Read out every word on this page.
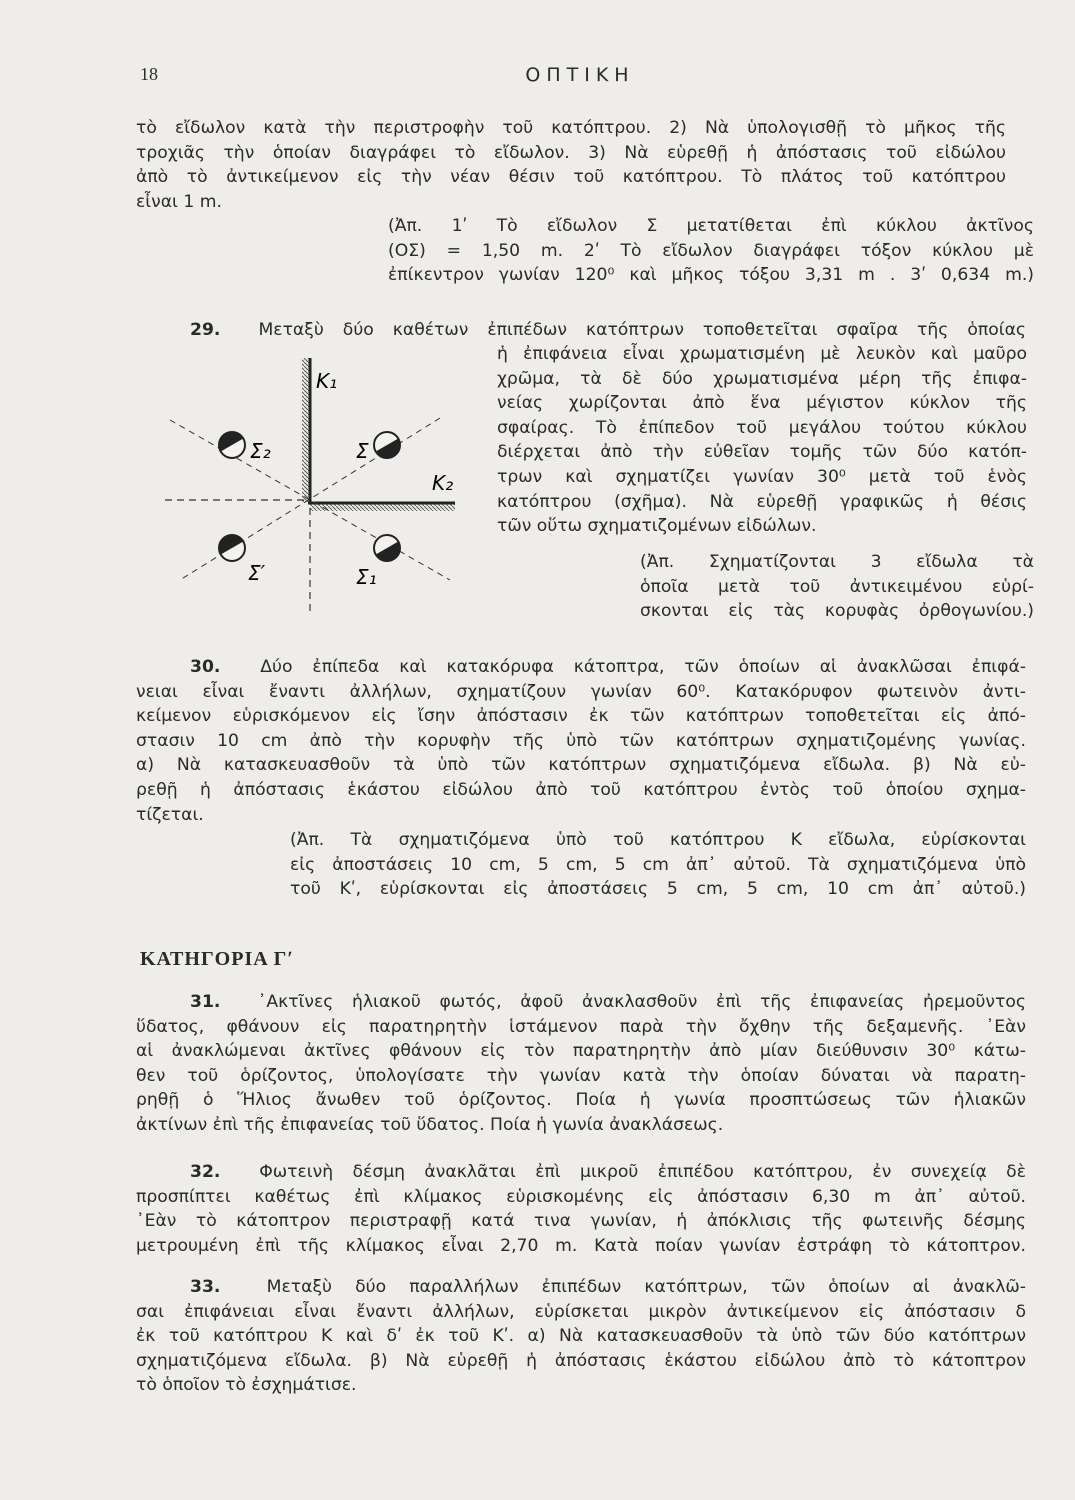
18	ΟΠΤΙΚΗ
τὸ εἴδωλον κατὰ τὴν περιστροφὴν τοῦ κατόπτρου. 2) Νὰ ὑπολογισθῇ τὸ μῆκος τῆς
τροχιᾶς τὴν ὁποίαν διαγράφει τὸ εἴδωλον. 3) Νὰ εὑρεθῇ ἡ ἀπόστασις τοῦ εἰδώλου
ἀπὸ τὸ ἀντικείμενον εἰς τὴν νέαν θέσιν τοῦ κατόπτρου. Τὸ πλάτος τοῦ κατόπτρου
εἶναι 1 m.
(Ἀπ. 1ʹ Τὸ εἴδωλον Σ μετατίθεται ἐπὶ κύκλου ἀκτῖνος
(ΟΣ) = 1,50 m. 2ʹ Τὸ εἴδωλον διαγράφει τόξον κύκλου μὲ
ἐπίκεντρον γωνίαν 120⁰ καὶ μῆκος τόξου 3,31 m . 3ʹ 0,634 m.)
29. Μεταξὺ δύο καθέτων ἐπιπέδων κατόπτρων τοποθετεῖται σφαῖρα τῆς ὁποίας
ἡ ἐπιφάνεια εἶναι χρωματισμένη μὲ λευκὸν καὶ μαῦρο
χρῶμα, τὰ δὲ δύο χρωματισμένα μέρη τῆς ἐπιφα-
νείας χωρίζονται ἀπὸ ἕνα μέγιστον κύκλον τῆς
σφαίρας. Τὸ ἐπίπεδον τοῦ μεγάλου τούτου κύκλου
διέρχεται ἀπὸ τὴν εὐθεῖαν τομῆς τῶν δύο κατόπ-
τρων καὶ σχηματίζει γωνίαν 30⁰ μετὰ τοῦ ἑνὸς
κατόπτρου (σχῆμα). Νὰ εὑρεθῇ γραφικῶς ἡ θέσις
τῶν οὕτω σχηματιζομένων εἰδώλων.
(Ἀπ. Σχηματίζονται 3 εἴδωλα τὰ
ὁποῖα μετὰ τοῦ ἀντικειμένου εὑρί-
σκονται εἰς τὰς κορυφὰς ὀρθογωνίου.)
K₁
K₂
Σ
Σ₂
Σ′	Σ₁
30. Δύο ἐπίπεδα καὶ κατακόρυφα κάτοπτρα, τῶν ὁποίων αἱ ἀνακλῶσαι ἐπιφά-
νειαι εἶναι ἔναντι ἀλλήλων, σχηματίζουν γωνίαν 60⁰. Κατακόρυφον φωτεινὸν ἀντι-
κείμενον εὑρισκόμενον εἰς ἴσην ἀπόστασιν ἐκ τῶν κατόπτρων τοποθετεῖται εἰς ἀπό-
στασιν 10 cm ἀπὸ τὴν κορυφὴν τῆς ὑπὸ τῶν κατόπτρων σχηματιζομένης γωνίας.
α) Νὰ κατασκευασθοῦν τὰ ὑπὸ τῶν κατόπτρων σχηματιζόμενα εἴδωλα. β) Νὰ εὑ-
ρεθῇ ἡ ἀπόστασις ἑκάστου εἰδώλου ἀπὸ τοῦ κατόπτρου ἐντὸς τοῦ ὁποίου σχημα-
τίζεται.
(Ἀπ. Τὰ σχηματιζόμενα ὑπὸ τοῦ κατόπτρου Κ εἴδωλα, εὑρίσκονται
εἰς ἀποστάσεις 10 cm, 5 cm, 5 cm ἀπ᾽ αὐτοῦ. Τὰ σχηματιζόμενα ὑπὸ
τοῦ Κʹ, εὑρίσκονται εἰς ἀποστάσεις 5 cm, 5 cm, 10 cm ἀπ᾽ αὐτοῦ.)
ΚΑΤΗΓΟΡΙΑ Γʹ
31. ᾿Ακτῖνες ἡλιακοῦ φωτός, ἀφοῦ ἀνακλασθοῦν ἐπὶ τῆς ἐπιφανείας ἠρεμοῦντος
ὕδατος, φθάνουν εἰς παρατηρητὴν ἱστάμενον παρὰ τὴν ὄχθην τῆς δεξαμενῆς. ᾿Εὰν
αἱ ἀνακλώμεναι ἀκτῖνες φθάνουν εἰς τὸν παρατηρητὴν ἀπὸ μίαν διεύθυνσιν 30⁰ κάτω-
θεν τοῦ ὁρίζοντος, ὑπολογίσατε τὴν γωνίαν κατὰ τὴν ὁποίαν δύναται νὰ παρατη-
ρηθῇ ὁ Ἥλιος ἄνωθεν τοῦ ὁρίζοντος. Ποία ἡ γωνία προσπτώσεως τῶν ἡλιακῶν
ἀκτίνων ἐπὶ τῆς ἐπιφανείας τοῦ ὕδατος. Ποία ἡ γωνία ἀνακλάσεως.
32. Φωτεινὴ δέσμη ἀνακλᾶται ἐπὶ μικροῦ ἐπιπέδου κατόπτρου, ἐν συνεχείᾳ δὲ
προσπίπτει καθέτως ἐπὶ κλίμακος εὑρισκομένης εἰς ἀπόστασιν 6,30 m ἀπ᾽ αὐτοῦ.
᾿Εὰν τὸ κάτοπτρον περιστραφῇ κατά τινα γωνίαν, ἡ ἀπόκλισις τῆς φωτεινῆς δέσμης
μετρουμένη ἐπὶ τῆς κλίμακος εἶναι 2,70 m. Κατὰ ποίαν γωνίαν ἐστράφη τὸ κάτοπτρον.
33.	Μεταξὺ δύο παραλλήλων ἐπιπέδων κατόπτρων, τῶν ὁποίων αἱ ἀνακλῶ-
σαι ἐπιφάνειαι εἶναι ἔναντι ἀλλήλων, εὑρίσκεται μικρὸν ἀντικείμενον εἰς ἀπόστασιν δ
ἐκ τοῦ κατόπτρου Κ καὶ δʹ ἐκ τοῦ Κʹ. α) Νὰ κατασκευασθοῦν τὰ ὑπὸ τῶν δύο κατόπτρων
σχηματιζόμενα εἴδωλα. β) Νὰ εὑρεθῇ ἡ ἀπόστασις ἑκάστου εἰδώλου ἀπὸ τὸ κάτοπτρον
τὸ ὁποῖον τὸ ἐσχημάτισε.
